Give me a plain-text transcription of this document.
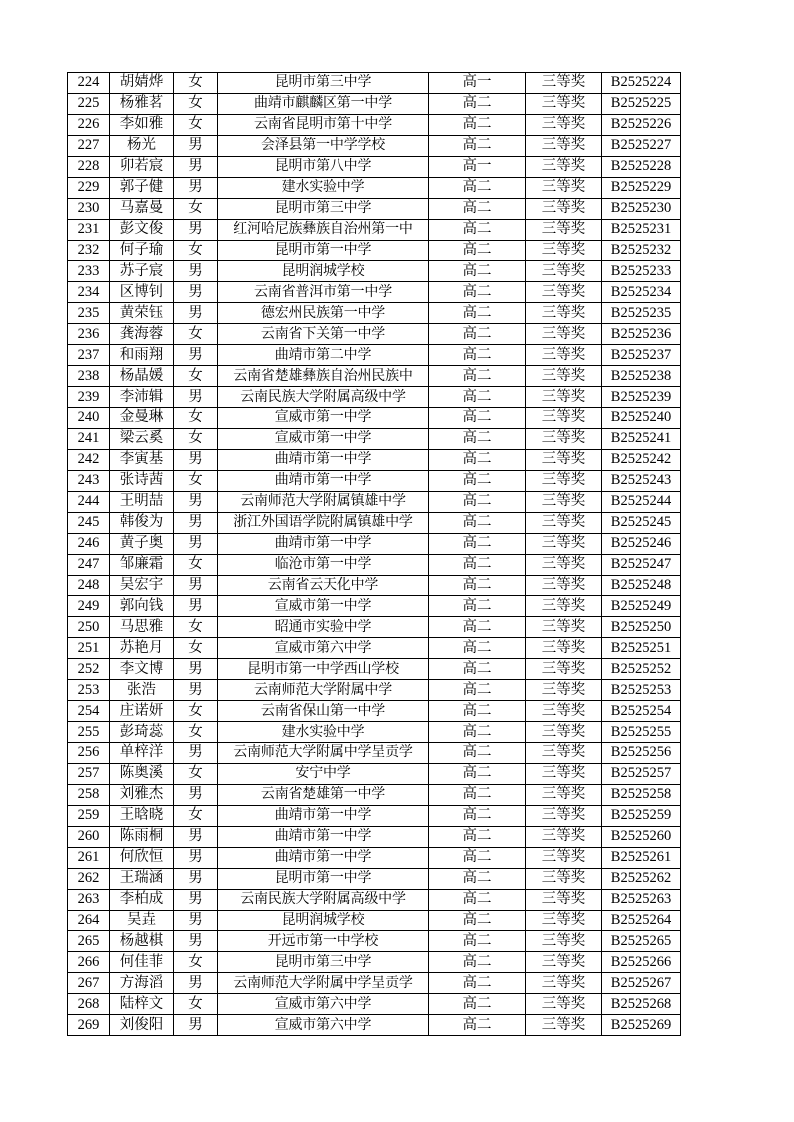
224	胡婧烨	女	昆明市第三中学	高一	三等奖	B2525224
225	杨雅茗	女	曲靖市麒麟区第一中学	高二	三等奖	B2525225
226	李如雅	女	云南省昆明市第十中学	高二	三等奖	B2525226
227	杨光	男	会泽县第一中学学校	高二	三等奖	B2525227
228	卯若宸	男	昆明市第八中学	高一	三等奖	B2525228
229	郭子健	男	建水实验中学	高二	三等奖	B2525229
230	马嘉曼	女	昆明市第三中学	高二	三等奖	B2525230
231	彭文俊	男	红河哈尼族彝族自治州第一中	高二	三等奖	B2525231
232	何子瑜	女	昆明市第一中学	高二	三等奖	B2525232
233	苏子宸	男	昆明润城学校	高二	三等奖	B2525233
234	区博钊	男	云南省普洱市第一中学	高二	三等奖	B2525234
235	黄荣钰	男	德宏州民族第一中学	高二	三等奖	B2525235
236	龚海蓉	女	云南省下关第一中学	高二	三等奖	B2525236
237	和雨翔	男	曲靖市第二中学	高二	三等奖	B2525237
238	杨晶媛	女	云南省楚雄彝族自治州民族中	高二	三等奖	B2525238
239	李沛辑	男	云南民族大学附属高级中学	高二	三等奖	B2525239
240	金曼琳	女	宣威市第一中学	高二	三等奖	B2525240
241	梁云奚	女	宣威市第一中学	高二	三等奖	B2525241
242	李寅基	男	曲靖市第一中学	高二	三等奖	B2525242
243	张诗茜	女	曲靖市第一中学	高二	三等奖	B2525243
244	王明喆	男	云南师范大学附属镇雄中学	高二	三等奖	B2525244
245	韩俊为	男	浙江外国语学院附属镇雄中学	高二	三等奖	B2525245
246	黄子奥	男	曲靖市第一中学	高二	三等奖	B2525246
247	邹廉霜	女	临沧市第一中学	高二	三等奖	B2525247
248	吴宏宇	男	云南省云天化中学	高二	三等奖	B2525248
249	郭向钱	男	宣威市第一中学	高二	三等奖	B2525249
250	马思雅	女	昭通市实验中学	高二	三等奖	B2525250
251	苏艳月	女	宣威市第六中学	高二	三等奖	B2525251
252	李文博	男	昆明市第一中学西山学校	高二	三等奖	B2525252
253	张浩	男	云南师范大学附属中学	高二	三等奖	B2525253
254	庄诺妍	女	云南省保山第一中学	高二	三等奖	B2525254
255	彭琦蕊	女	建水实验中学	高二	三等奖	B2525255
256	单梓洋	男	云南师范大学附属中学呈贡学	高二	三等奖	B2525256
257	陈奥溪	女	安宁中学	高二	三等奖	B2525257
258	刘雅杰	男	云南省楚雄第一中学	高二	三等奖	B2525258
259	王晗晓	女	曲靖市第一中学	高二	三等奖	B2525259
260	陈雨桐	男	曲靖市第一中学	高二	三等奖	B2525260
261	何欣恒	男	曲靖市第一中学	高二	三等奖	B2525261
262	王瑞涵	男	昆明市第一中学	高二	三等奖	B2525262
263	李柏成	男	云南民族大学附属高级中学	高二	三等奖	B2525263
264	吴垚	男	昆明润城学校	高二	三等奖	B2525264
265	杨越棋	男	开远市第一中学校	高二	三等奖	B2525265
266	何佳菲	女	昆明市第三中学	高二	三等奖	B2525266
267	方海滔	男	云南师范大学附属中学呈贡学	高二	三等奖	B2525267
268	陆梓文	女	宣威市第六中学	高二	三等奖	B2525268
269	刘俊阳	男	宣威市第六中学	高二	三等奖	B2525269
